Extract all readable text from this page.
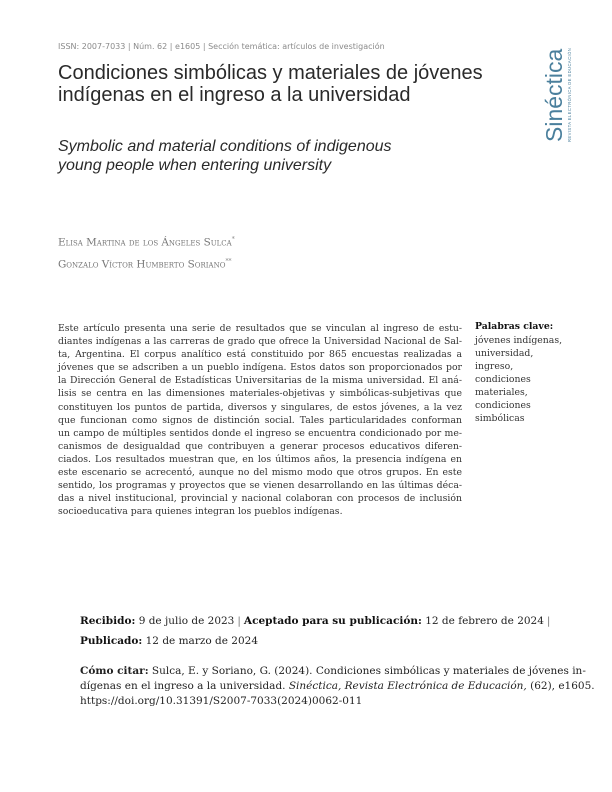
ISSN: 2007-7033 | Núm. 62 | e1605 | Sección temática: artículos de investigación
Sinéctica REVISTA ELECTRÓNICA DE EDUCACIÓN
Condiciones simbólicas y materiales de jóvenes
indígenas en el ingreso a la universidad
Symbolic and material conditions of indigenous
young people when entering university
Elisa Martina de los Ángeles Sulca*
Gonzalo Víctor Humberto Soriano**
Este artículo presenta una serie de resultados que se vinculan al ingreso de estu-
diantes indígenas a las carreras de grado que ofrece la Universidad Nacional de Sal-
ta, Argentina. El corpus analítico está constituido por 865 encuestas realizadas a
jóvenes que se adscriben a un pueblo indígena. Estos datos son proporcionados por
la Dirección General de Estadísticas Universitarias de la misma universidad. El aná-
lisis se centra en las dimensiones materiales-objetivas y simbólicas-subjetivas que
constituyen los puntos de partida, diversos y singulares, de estos jóvenes, a la vez
que funcionan como signos de distinción social. Tales particularidades conforman
un campo de múltiples sentidos donde el ingreso se encuentra condicionado por me-
canismos de desigualdad que contribuyen a generar procesos educativos diferen-
ciados. Los resultados muestran que, en los últimos años, la presencia indígena en
este escenario se acrecentó, aunque no del mismo modo que otros grupos. En este
sentido, los programas y proyectos que se vienen desarrollando en las últimas déca-
das a nivel institucional, provincial y nacional colaboran con procesos de inclusión
socioeducativa para quienes integran los pueblos indígenas.
Palabras clave:
jóvenes indígenas,
universidad,
ingreso,
condiciones
materiales,
condiciones
simbólicas
Recibido: 9 de julio de 2023 | Aceptado para su publicación: 12 de febrero de 2024 |
Publicado: 12 de marzo de 2024
Cómo citar: Sulca, E. y Soriano, G. (2024). Condiciones simbólicas y materiales de jóvenes in-
dígenas en el ingreso a la universidad. Sinéctica, Revista Electrónica de Educación, (62), e1605.
https://doi.org/10.31391/S2007-7033(2024)0062-011
